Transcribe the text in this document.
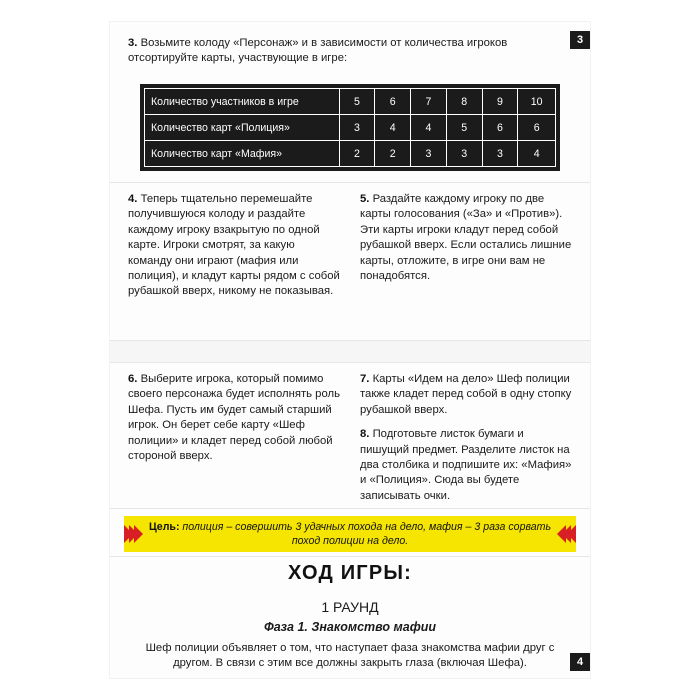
3
4
3. Возьмите колоду «Персонаж» и в зависимости от количества игроков отсортируйте карты, участвующие в игре:
Количество участников в игре	5	6	7	8	9	10
Количество карт «Полиция»	3	4	4	5	6	6
Количество карт «Мафия»	2	2	3	3	3	4

4. Теперь тщательно перемешайте получившуюся колоду и раздайте каждому игроку взакрытую по одной карте. Игроки смотрят, за какую команду они играют (мафия или полиция), и кладут карты рядом с собой рубашкой вверх, никому не показывая.

5. Раздайте каждому игроку по две карты голосования («За» и «Против»). Эти карты игроки кладут перед собой рубашкой вверх. Если остались лишние карты, отложите, в игре они вам не понадобятся.

6. Выберите игрока, который помимо своего персонажа будет исполнять роль Шефа. Пусть им будет самый старший игрок. Он берет себе карту «Шеф полиции» и кладет перед собой любой стороной вверх.

7. Карты «Идем на дело» Шеф полиции также кладет перед собой в одну стопку рубашкой вверх.

8. Подготовьте листок бумаги и пишущий предмет. Разделите листок на два столбика и подпишите их: «Мафия» и «Полиция». Сюда вы будете записывать очки.

Цель: полиция – совершить 3 удачных похода на дело, мафия – 3 раза сорвать поход полиции на дело.
ХОД ИГРЫ:
1 РАУНД
Фаза 1. Знакомство мафии
Шеф полиции объявляет о том, что наступает фаза знакомства мафии друг с другом. В связи с этим все должны закрыть глаза (включая Шефа).
